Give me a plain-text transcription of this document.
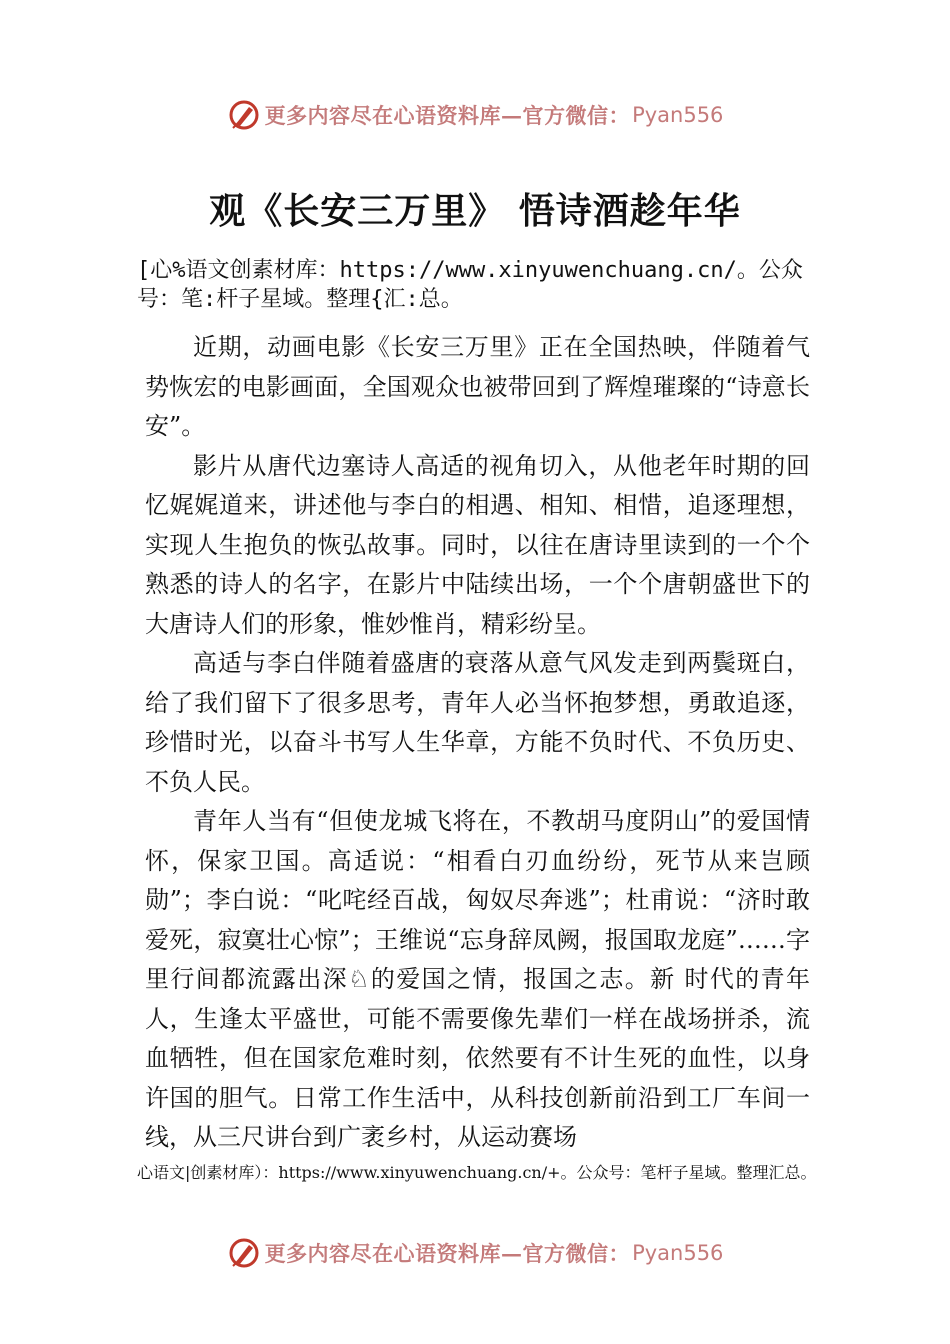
更多内容尽在心语资料库—官方微信： Pyan556
观《长安三万里》 悟诗酒趁年华
[心%语文创素材库：https://www.xinyuwenchuang.cn/。公众号：笔:杆子星域。整理{汇:总。

近期，动画电影《长安三万里》正在全国热映，伴随着气势恢宏的电影画面，全国观众也被带回到了辉煌璀璨的“诗意长安”。

影片从唐代边塞诗人高适的视角切入，从他老年时期的回忆娓娓道来，讲述他与李白的相遇、相知、相惜，追逐理想，实现人生抱负的恢弘故事。同时，以往在唐诗里读到的一个个熟悉的诗人的名字，在影片中陆续出场，一个个唐朝盛世下的大唐诗人们的形象，惟妙惟肖，精彩纷呈。

高适与李白伴随着盛唐的衰落从意气风发走到两鬓斑白，给了我们留下了很多思考，青年人必当怀抱梦想，勇敢追逐，珍惜时光，以奋斗书写人生华章，方能不负时代、不负历史、不负人民。

青年人当有“但使龙城飞将在，不教胡马度阴山”的爱国情怀，保家卫国。高适说：“相看白刃血纷纷，死节从来岂顾勋”；李白说：“叱咤经百战，匈奴尽奔逃”；杜甫说：“济时敢爱死，寂寞壮心惊”；王维说“忘身辞凤阙，报国取龙庭”……字里行间都流露出深♘的爱国之情，报国之志。新 时代的青年人，生逢太平盛世，可能不需要像先辈们一样在战场拼杀，流血牺牲，但在国家危难时刻，依然要有不计生死的血性，以身许国的胆气。日常工作生活中，从科技创新前沿到工厂车间一线，从三尺讲台到广袤乡村，从运动赛场

心语文|创素材库）：https://www.xinyuwenchuang.cn/+。公众号：笔杆子星域。整理汇总。
更多内容尽在心语资料库—官方微信： Pyan556
